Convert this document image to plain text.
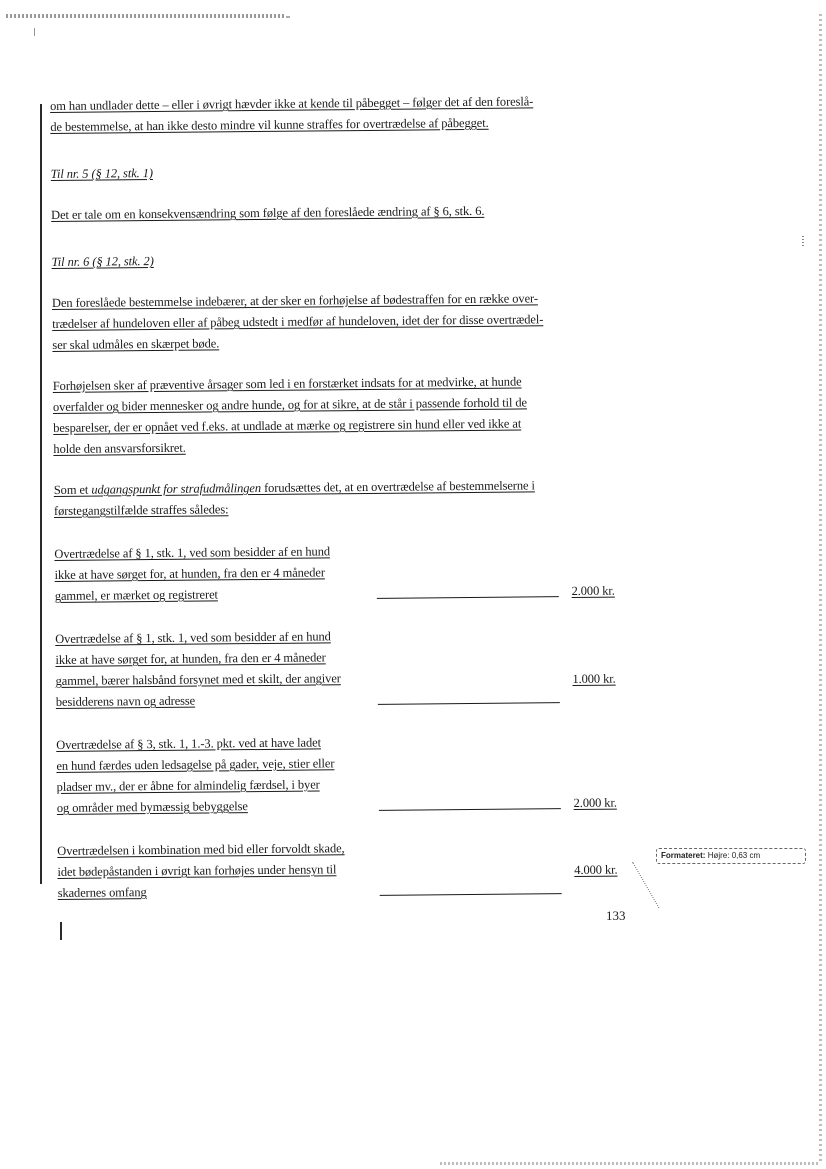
om han undlader dette – eller i øvrigt hævder ikke at kende til påbegget – følger det af den foreslå-
de bestemmelse, at han ikke desto mindre vil kunne straffes for overtrædelse af påbegget.

Til nr. 5 (§ 12, stk. 1)

Det er tale om en konsekvensændring som følge af den foreslåede ændring af § 6, stk. 6.

Til nr. 6 (§ 12, stk. 2)

Den foreslåede bestemmelse indebærer, at der sker en forhøjelse af bødestraffen for en række over-
trædelser af hundeloven eller af påbeg udstedt i medfør af hundeloven, idet der for disse overtrædel-
ser skal udmåles en skærpet bøde.

Forhøjelsen sker af præventive årsager som led i en forstærket indsats for at medvirke, at hunde
overfalder og bider mennesker og andre hunde, og for at sikre, at de står i passende forhold til de
besparelser, der er opnået ved f.eks. at undlade at mærke og registrere sin hund eller ved ikke at
holde den ansvarsforsikret.

Som et udgangspunkt for strafudmålingen forudsættes det, at en overtrædelse af bestemmelserne i
førstegangstilfælde straffes således:

Overtrædelse af § 1, stk. 1, ved som besidder af en hund
ikke at have sørget for, at hunden, fra den er 4 måneder
gammel, er mærket og registreret	2.000 kr.
Overtrædelse af § 1, stk. 1, ved som besidder af en hund
ikke at have sørget for, at hunden, fra den er 4 måneder
gammel, bærer halsbånd forsynet med et skilt, der angiver
besidderens navn og adresse
1.000 kr.
Overtrædelse af § 3, stk. 1, 1.-3. pkt. ved at have ladet
en hund færdes uden ledsagelse på gader, veje, stier eller
pladser mv., der er åbne for almindelig færdsel, i byer
og områder med bymæssig bebyggelse	2.000 kr.
Overtrædelsen i kombination med bid eller forvoldt skade,
idet bødepåstanden i øvrigt kan forhøjes under hensyn til
skadernes omfang
4.000 kr.
Formateret: Højre: 0,63 cm
133
